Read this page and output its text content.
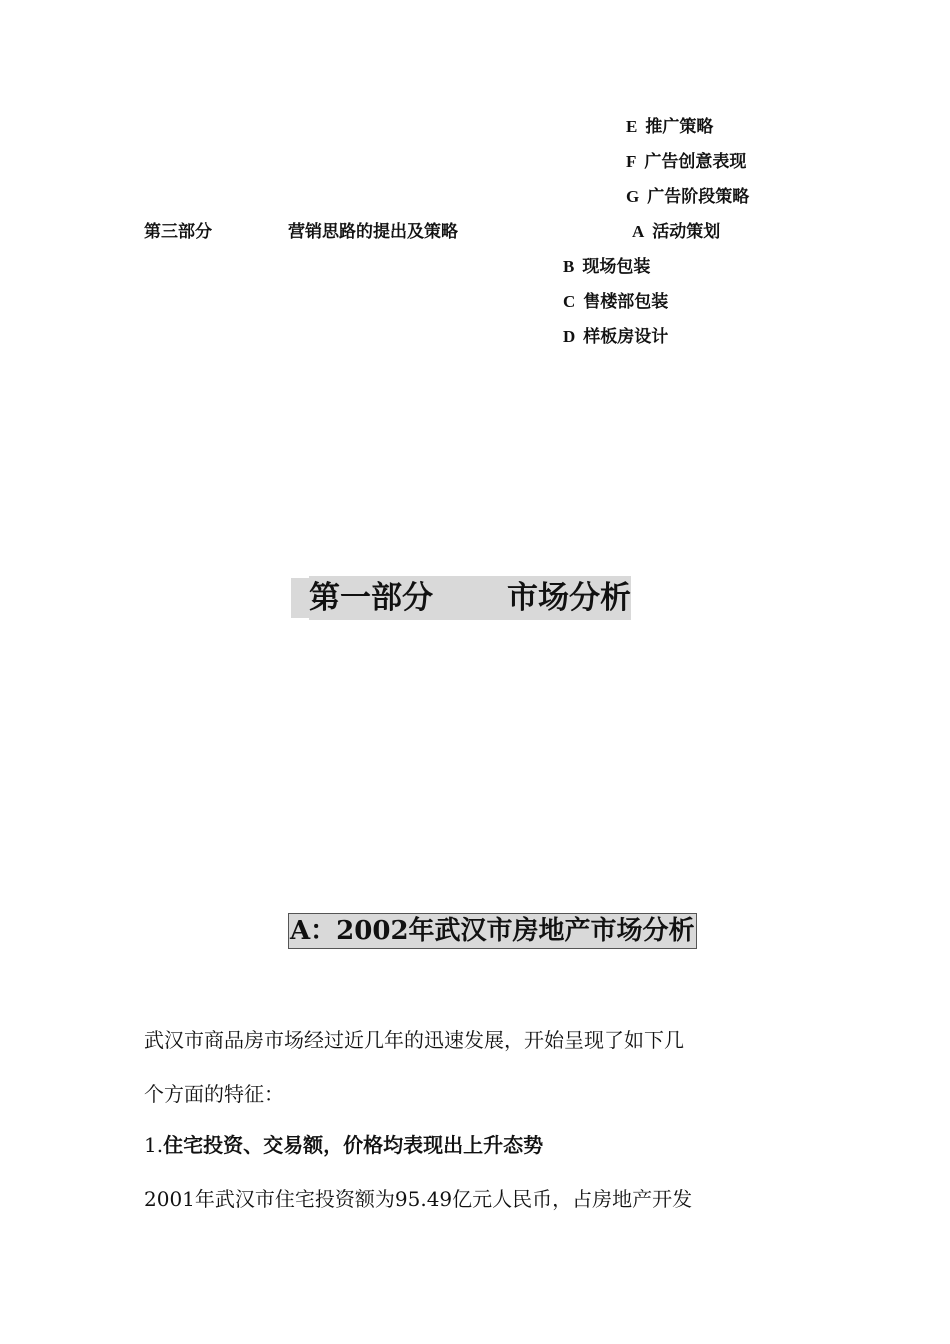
E 推广策略
F 广告创意表现
G 广告阶段策略
第三部分	营销思路的提出及策略	A 活动策划
B 现场包装
C 售楼部包装
D 样板房设计
第一部分 市场分析
A：2002年武汉市房地产市场分析
武汉市商品房市场经过近几年的迅速发展，开始呈现了如下几
个方面的特征：
1.住宅投资、交易额，价格均表现出上升态势
2001年武汉市住宅投资额为95.49亿元人民币，占房地产开发
